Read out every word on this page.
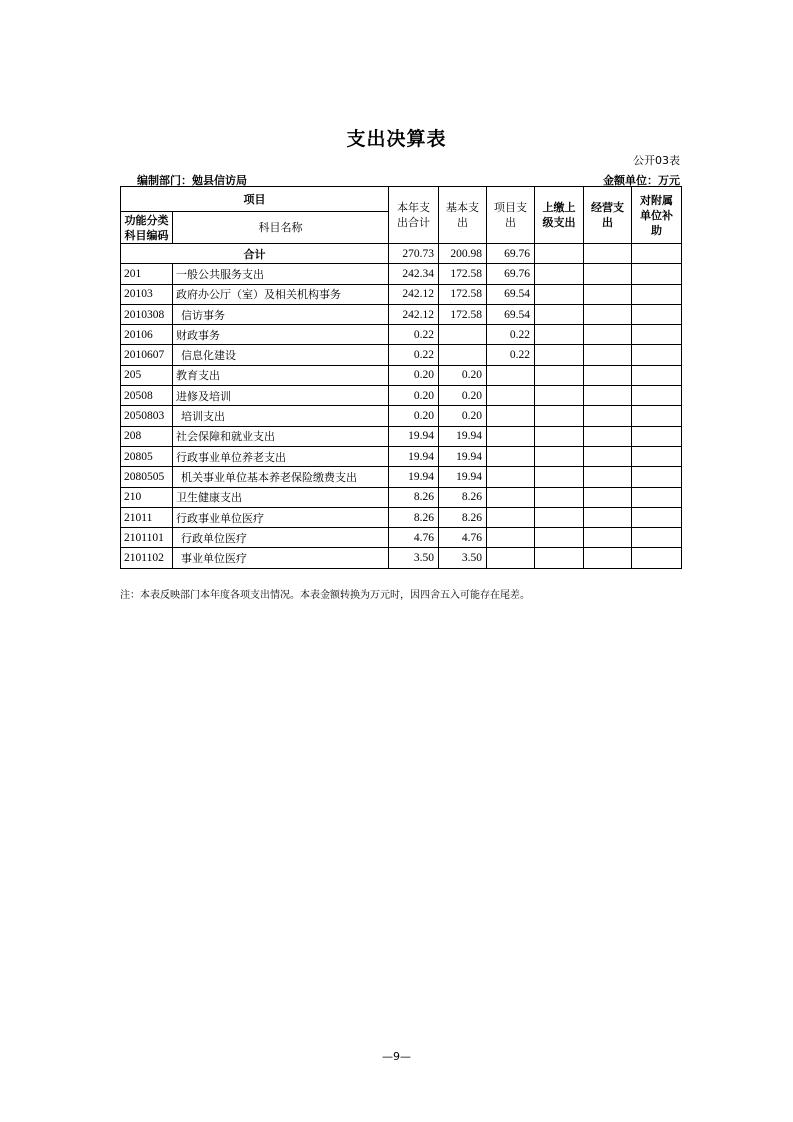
支出决算表
公开03表
编制部门：勉县信访局	金额单位：万元
项目		本年支出合计	基本支出	项目支出	上缴上级支出	经营支出	对附属单位补助
功能分类科目编码	科目名称						
合计		270.73	200.98	69.76			
201	一般公共服务支出	242.34	172.58	69.76			
20103	政府办公厅（室）及相关机构事务	242.12	172.58	69.54			
2010308	信访事务	242.12	172.58	69.54			
20106	财政事务	0.22		0.22			
2010607	信息化建设	0.22		0.22			
205	教育支出	0.20	0.20				
20508	进修及培训	0.20	0.20				
2050803	培训支出	0.20	0.20				
208	社会保障和就业支出	19.94	19.94				
20805	行政事业单位养老支出	19.94	19.94				
2080505	机关事业单位基本养老保险缴费支出	19.94	19.94				
210	卫生健康支出	8.26	8.26				
21011	行政事业单位医疗	8.26	8.26				
2101101	行政单位医疗	4.76	4.76				
2101102	事业单位医疗	3.50	3.50				
注：本表反映部门本年度各项支出情况。本表金额转换为万元时，因四舍五入可能存在尾差。
—9—
